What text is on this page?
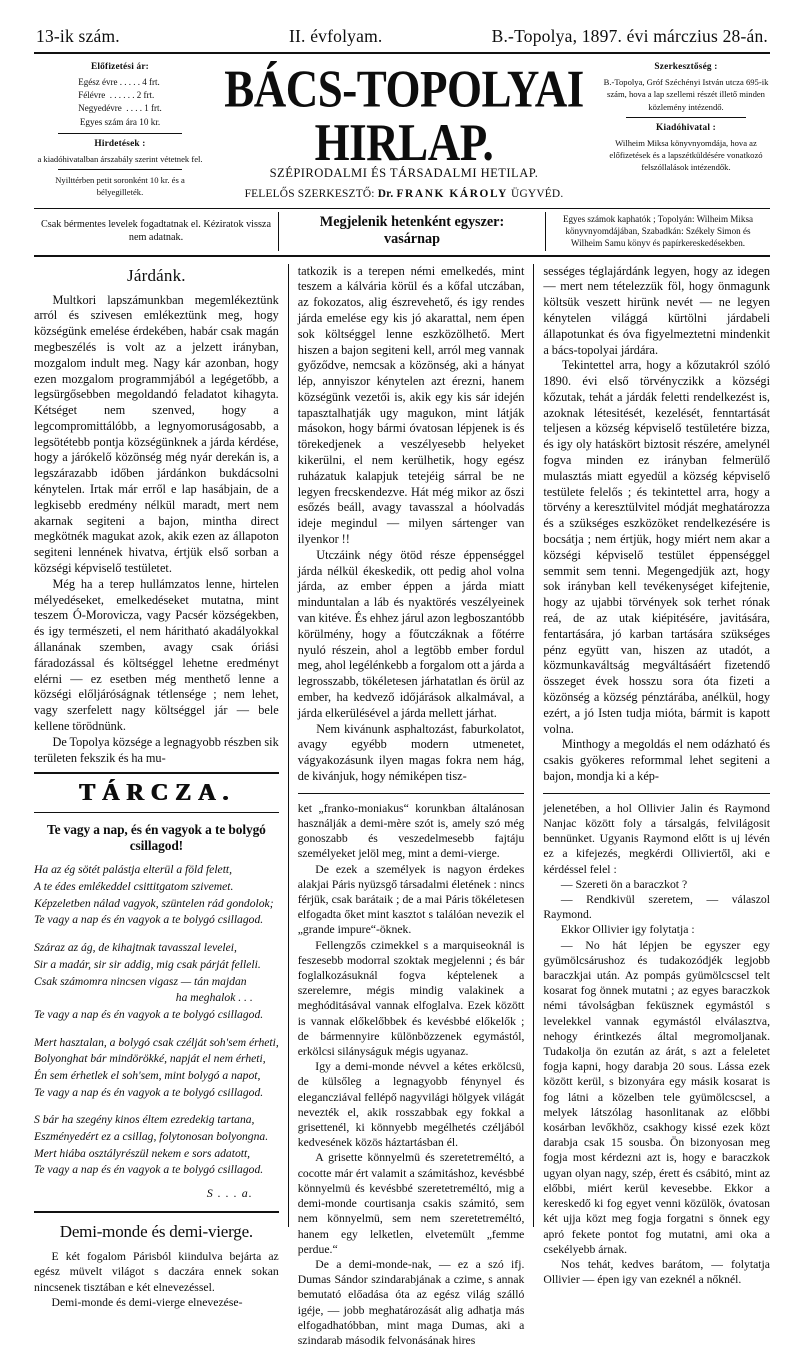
13-ik szám.	II. évfolyam.	B.-Topolya, 1897. évi márczius 28-án.
Előfizetési ár:
Egész évre . . . . . 4 frt.
Félévre  . . . . . . 2 frt.
Negyedévre  . . . . 1 frt.
Egyes szám ára 10 kr.
Hirdetések :
a kiadóhivatalban árszabály szerint vétetnek fel.
Nyilttérben petit soronként 10 kr. és a bélyegilleték.
BÁCS-TOPOLYAI HIRLAP.
SZÉPIRODALMI ÉS TÁRSADALMI HETILAP.
FELELŐS SZERKESZTŐ: Dr. FRANK KÁROLY ÜGYVÉD.
Szerkesztőség :
B.-Topolya, Gróf Széchényi István utcza 695-ik szám, hova a lap szellemi részét illető minden közlemény intézendő.
Kiadóhivatal :
Wilheim Miksa könyvnyomdája, hova az előfizetések és a lapszétküldésére vonatkozó felszóllalások intézendők.
Csak bérmentes levelek fogadtatnak el. Kéziratok vissza nem adatnak.
Megjelenik hetenként egyszer:
vasárnap
Egyes számok kaphatók ; Topolyán: Wilheim Miksa könyvnyomdájában, Szabadkán: Székely Simon és Wilheim Samu könyv és papírkereskedésekben.
Járdánk.

Multkori lapszámunkban megemlékeztünk arról és szivesen emlékeztünk meg, hogy községünk emelése érdekében, habár csak magán megbeszélés is volt az a jelzett irányban, mozgalom indult meg. Nagy kár azonban, hogy ezen mozgalom programmjából a legégetőbb, a legsürgősebben megoldandó feladatot kihagyta. Kétséget nem szenved, hogy a legcompromittálóbb, a legnyomoruságosabb, a legsötétebb pontja községünknek a járda kérdése, hogy a járókelő közönség még nyár derekán is, a legszárazabb időben járdánkon bukdácsolni kénytelen. Irtak már erről e lap hasábjain, de a legkisebb eredmény nélkül maradt, mert nem akarnak segiteni a bajon, mintha direct megkötnék magukat azok, akik ezen az állapoton segiteni lennének hivatva, értjük első sorban a községi képviselő testületet.

Még ha a terep hullámzatos lenne, hirtelen mélyedéseket, emelkedéseket mutatna, mint teszem Ó-Morovicza, vagy Pacsér községekben, és igy természeti, el nem háritható akadályokkal állanának szemben, avagy csak óriási fáradozással és költséggel lehetne eredményt elérni — ez esetben még menthető lenne a községi előljáróságnak tétlensége ; nem lehet, vagy szerfelett nagy költséggel jár — bele kellene törödnünk.

De Topolya községe a legnagyobb részben sik területen fekszik és ha mu-

TÁRCZA.
Te vagy a nap, és én vagyok a te bolygó csillagod!
Ha az ég sötét palástja elterül a föld felett,
A te édes emlékeddel csittitgatom szivemet.
Képzeletben nálad vagyok, szüntelen rád gondolok;
Te vagy a nap és én vagyok a te bolygó csillagod.
Száraz az ág, de kihajtnak tavasszal levelei,
Sir a madár, sir sir addig, mig csak párját felleli.
Csak számomra nincsen vigasz — tán majdan
ha meghalok . . .
Te vagy a nap és én vagyok a te bolygó csillagod.
Mert hasztalan, a bolygó csak czélját soh'sem érheti,
Bolyonghat bár mindörökké, napját el nem érheti,
Én sem érhetlek el soh'sem, mint bolygó a napot,
Te vagy a nap és én vagyok a te bolygó csillagod.
S bár ha szegény kinos éltem ezredekig tartana,
Eszményedért ez a csillag, folytonosan bolyongna.
Mert hiába osztályrészül nekem e sors adatott,
Te vagy a nap és én vagyok a te bolygó csillagod.
S . . . a.
Demi-monde és demi-vierge.

E két fogalom Párisból kiindulva bejárta az egész müvelt világot s daczára ennek sokan nincsenek tisztában e két elnevezéssel.

Demi-monde és demi-vierge elnevezése-

tatkozik is a terepen némi emelkedés, mint teszem a kálvária körül és a kőfal utczában, az fokozatos, alig észrevehető, és igy rendes járda emelése egy kis jó akarattal, nem épen sok költséggel lenne eszközölhető. Mert hiszen a bajon segiteni kell, arról meg vannak győződve, nemcsak a közönség, aki a hányat lép, annyiszor kénytelen azt érezni, hanem községünk vezetői is, akik egy kis sár idején tapasztalhatják ugy magukon, mint látják másokon, hogy bármi óvatosan lépjenek is és törekedjenek a veszélyesebb helyeket kikerülni, el nem kerülhetik, hogy egész ruházatuk kalapjuk tetejéig sárral be ne legyen frecskendezve. Hát még mikor az őszi esőzés beáll, avagy tavasszal a hóolvadás ideje megindul — milyen sártenger van ilyenkor !!

Utczáink négy ötöd része éppenséggel járda nélkül ékeskedik, ott pedig ahol volna járda, az ember éppen a járda miatt minduntalan a láb és nyaktörés veszélyeinek van kitéve. És ehhez járul azon legboszantóbb körülmény, hogy a főutczáknak a főtérre nyuló részein, ahol a legtöbb ember fordul meg, ahol legélénkebb a forgalom ott a járda a legrosszabb, tökéletesen járhatatlan és örül az ember, ha kedvező időjárások alkalmával, a járda elkerülésével a járda mellett járhat.

Nem kivánunk asphaltozást, faburkolatot, avagy egyébb modern utmenetet, vágyakozásunk ilyen magas fokra nem hág, de kivánjuk, hogy némiképen tisz-

ket „franko-moniakus“ korunkban általánosan használják a demi-mère szót is, amely szó még gonoszabb és veszedelmesebb fajtáju személyeket jelöl meg, mint a demi-vierge.

De ezek a személyek is nagyon érdekes alakjai Páris nyüzsgő társadalmi életének : nincs férjük, csak barátaik ; de a mai Páris tökéletesen elfogadta őket mint kasztot s találóan nevezik el „grande impure“-öknek.

Fellengzős czimekkel s a marquiseoknál is feszesebb modorral szoktak megjelenni ; és bár foglalkozásuknál fogva képtelenek a szerelemre, mégis mindig valakinek a meghóditásával vannak elfoglalva. Ezek között is vannak előkelőbbek és kevésbbé előkelők ; de bármennyire különbözzenek egymástól, erkölcsi silányságuk mégis ugyanaz.

Igy a demi-monde névvel a kétes erkölcsü, de külsőleg a legnagyobb fénynyel és elegancziával fellépő nagyvilági hölgyek világát nevezték el, akik rosszabbak egy fokkal a grisettenél, ki könnyebb megélhetés czéljából kedvesének közös háztartásban él.

A grisette könnyelmü és szeretetreméltó, a cocotte már ért valamit a számitáshoz, kevésbbé könnyelmü és kevésbbé szeretetreméltó, mig a demi-monde courtisanja csakis számitó, sem nem könnyelmü, sem nem szeretetreméltó, hanem egy lelketlen, elvetemült „femme perdue.“

De a demi-monde-nak, — ez a szó ifj. Dumas Sándor szindarabjának a czime, s annak bemutató előadása óta az egész világ szálló igéje, — jobb meghatározását alig adhatja más elfogadhatóbban, mint maga Dumas, aki a szindarab második felvonásának hires

sességes téglajárdánk legyen, hogy az idegen — mert nem tételezzük föl, hogy önmagunk költsük veszett hirünk nevét — ne legyen kénytelen világgá kürtölni járdabeli állapotunkat és óva figyelmeztetni mindenkit a bács-topolyai járdára.

Tekintettel arra, hogy a kőzutakról szóló 1890. évi első törvényczikk a községi kőzutak, tehát a járdák feletti rendelkezést is, azoknak létesitését, kezelését, fenntartását teljesen a község képviselő testületére bizza, és igy oly hatáskört biztosit részére, amelynél fogva minden ez irányban felmerülő mulasztás miatt egyedül a község képviselő testülete felelős ; és tekintettel arra, hogy a törvény a keresztülvitel módját meghatározza és a szükséges eszközöket rendelkezésére is bocsátja ; nem értjük, hogy miért nem akar a községi képviselő testület éppenséggel semmit sem tenni. Megengedjük azt, hogy sok irányban kell tevékenységet kifejtenie, hogy az ujabbi törvények sok terhet rónak reá, de az utak kiépitésére, javitására, fentartására, jó karban tartására szükséges pénz együtt van, hiszen az utadót, a közmunkaváltság megváltásáért fizetendő összeget évek hosszu sora óta fizeti a közönség a község pénztárába, anélkül, hogy ezért, a jó Isten tudja mióta, bármit is kapott volna.

Minthogy a megoldás el nem odázható és csakis gyökeres reformmal lehet segiteni a bajon, mondja ki a kép-

jelenetében, a hol Ollivier Jalin és Raymond Nanjac között foly a társalgás, felvilágosit bennünket. Ugyanis Raymond előtt is uj lévén ez a kifejezés, megkérdi Olliviertől, aki e kérdéssel felel :

— Szereti ön a baraczkot ?

— Rendkivül szeretem, — válaszol Raymond.

Ekkor Ollivier igy folytatja :

— No hát lépjen be egyszer egy gyümölcsárushoz és tudakozódjék legjobb baraczkjai után. Az pompás gyümölcscsel telt kosarat fog önnek mutatni ; az egyes baraczkok némi távolságban feküsznek egymástól s levelekkel vannak egymástól elválasztva, nehogy érintkezés által megromoljanak. Tudakolja ön ezután az árát, s azt a feleletet fogja kapni, hogy darabja 20 sous. Lássa ezek között kerül, s bizonyára egy másik kosarat is fog látni a közelben tele gyümölcscsel, a melyek látszólag hasonlitanak az előbbi kosárban levőkhöz, csakhogy kissé ezek közt darabja csak 15 sousba. Ön bizonyosan meg fogja most kérdezni azt is, hogy e baraczkok ugyan olyan nagy, szép, érett és csábitó, mint az előbbi, miért kerül kevesebbe. Ekkor a kereskedő ki fog egyet venni közülök, óvatosan két ujja közt meg fogja forgatni s önnek egy apró fekete pontot fog mutatni, ami oka a csekélyebb árnak.

Nos tehát, kedves barátom, — folytatja Ollivier — épen igy van ezeknél a nőknél.
